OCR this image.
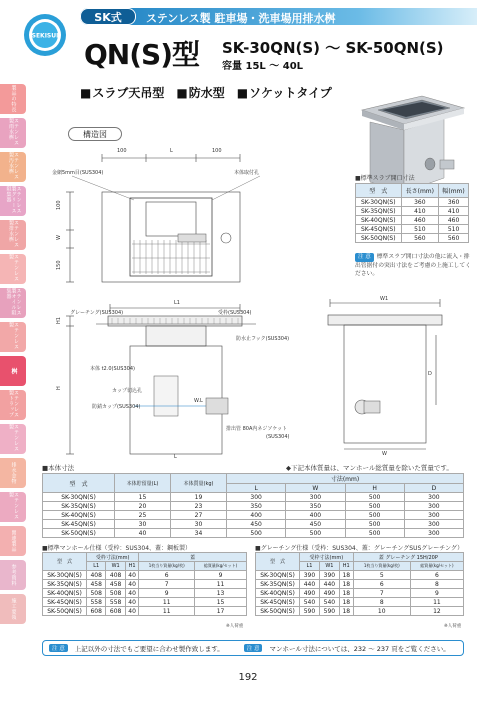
製品の特長
ステンレス製雨水桝
ステンレス製汚水桝
ステンレス製グリース阻集器
ステンレス製排水桝
ステンレス製
ステンレス製オイル阻集器
ステンレス製
桝
ステンレス製トラップ
ステンレス製
排水金物
ステンレス製
関連製品
参考資料
施工要領
SEKISUI
SK式	ステンレス製 駐車場・洗車場用排水桝
QN(S)型 SK-30QN(S) ～ SK-50QN(S)
容量 15L ～ 40L
■ スラブ天吊型	■ 防水型	■ ソケットタイプ
構造図
100	L	100
100
W
150
金網5mm目(SUS304)	本体取付孔
L1
H1
H
グレーチング(SUS304)	受枠(SUS304)
防水止フック(SUS304)
本体 t2.0(SUS304)
カップ切込孔
防錆カップ(SUS304)
W.L
排出管 80A内ネジソケット
(SUS304)
L
W1
D
W
■ 標準スラブ開口寸法
型　式	長さ(mm)	幅(mm)
SK-30QN(S)	360	360
SK-35QN(S)	410	410
SK-40QN(S)	460	460
SK-45QN(S)	510	510
SK-50QN(S)	560	560
注 意 標準スラブ開口寸法の他に流入・排出管据付の突出寸法をご考慮の上施工してください。
■ 本体寸法	◆ 下記本体質量は、マンホール総質量を除いた質量です。
型　式	本体貯留量(L)	本体質量(kg)	寸法(mm)			
			L	W	H	D
SK-30QN(S)	15	19	300	300	500	300
SK-35QN(S)	20	23	350	350	500	300
SK-40QN(S)	25	27	400	400	500	300
SK-45QN(S)	30	30	450	450	500	300
SK-50QN(S)	40	34	500	500	500	300
■ 標準マンホール仕様（受枠：SUS304、蓋：鋼板製）
型　式	受枠寸法(mm)			蓋	
	L1	W1	H1	1枚当り質量(kg/枚)	総質量(kg/セット)
SK-30QN(S)	408	408	40	6	9
SK-35QN(S)	458	458	40	7	11
SK-40QN(S)	508	508	40	9	13
SK-45QN(S)	558	558	40	11	15
SK-50QN(S)	608	608	40	11	17
※人荷重
■ グレーチング仕様（受枠：SUS304、蓋：グレーチングSUSグレーチング）
型　式	受枠寸法(mm)			蓋 グレーチング 15H/20P	
	L1	W1	H1	1枚当り質量(kg/枚)	総質量(kg/セット)
SK-30QN(S)	390	390	18	5	6
SK-35QN(S)	440	440	18	6	8
SK-40QN(S)	490	490	18	7	9
SK-45QN(S)	540	540	18	8	11
SK-50QN(S)	590	590	18	10	12
※人荷重
注 意	上記以外の寸法でもご要望に合わせ製作致します。	注 意	マンホール寸法については、232 ～ 237 頁をご覧ください。
192
